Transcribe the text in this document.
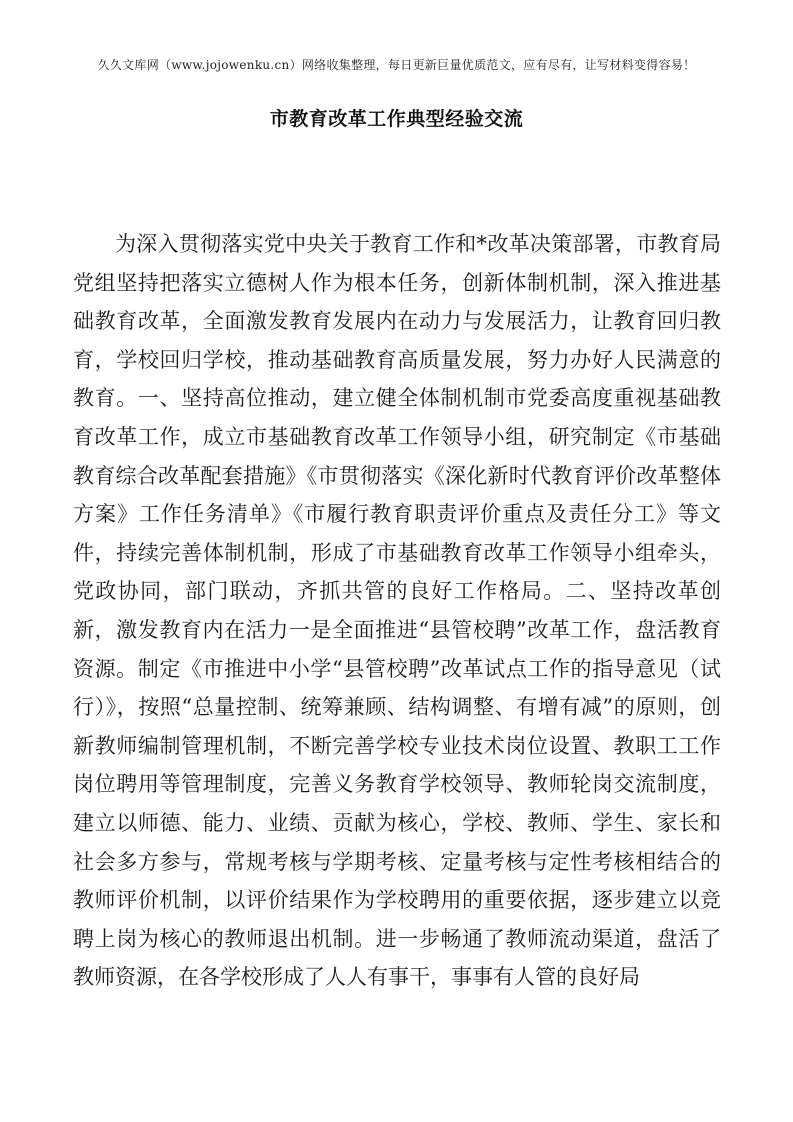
久久文库网（www.jojowenku.cn）网络收集整理，每日更新巨量优质范文，应有尽有，让写材料变得容易！
市教育改革工作典型经验交流

为深入贯彻落实党中央关于教育工作和*改革决策部署，市教育局党组坚持把落实立德树人作为根本任务，创新体制机制，深入推进基础教育改革，全面激发教育发展内在动力与发展活力，让教育回归教育，学校回归学校，推动基础教育高质量发展，努力办好人民满意的教育。一、坚持高位推动，建立健全体制机制市党委高度重视基础教育改革工作，成立市基础教育改革工作领导小组，研究制定《市基础教育综合改革配套措施》《市贯彻落实《深化新时代教育评价改革整体方案》工作任务清单》《市履行教育职责评价重点及责任分工》等文件，持续完善体制机制，形成了市基础教育改革工作领导小组牵头，党政协同，部门联动，齐抓共管的良好工作格局。二、坚持改革创新，激发教育内在活力一是全面推进“县管校聘”改革工作，盘活教育资源。制定《市推进中小学“县管校聘”改革试点工作的指导意见（试行）》，按照“总量控制、统筹兼顾、结构调整、有增有减”的原则，创新教师编制管理机制，不断完善学校专业技术岗位设置、教职工工作岗位聘用等管理制度，完善义务教育学校领导、教师轮岗交流制度，建立以师德、能力、业绩、贡献为核心，学校、教师、学生、家长和社会多方参与，常规考核与学期考核、定量考核与定性考核相结合的教师评价机制，以评价结果作为学校聘用的重要依据，逐步建立以竞聘上岗为核心的教师退出机制。进一步畅通了教师流动渠道，盘活了教师资源，在各学校形成了人人有事干，事事有人管的良好局
